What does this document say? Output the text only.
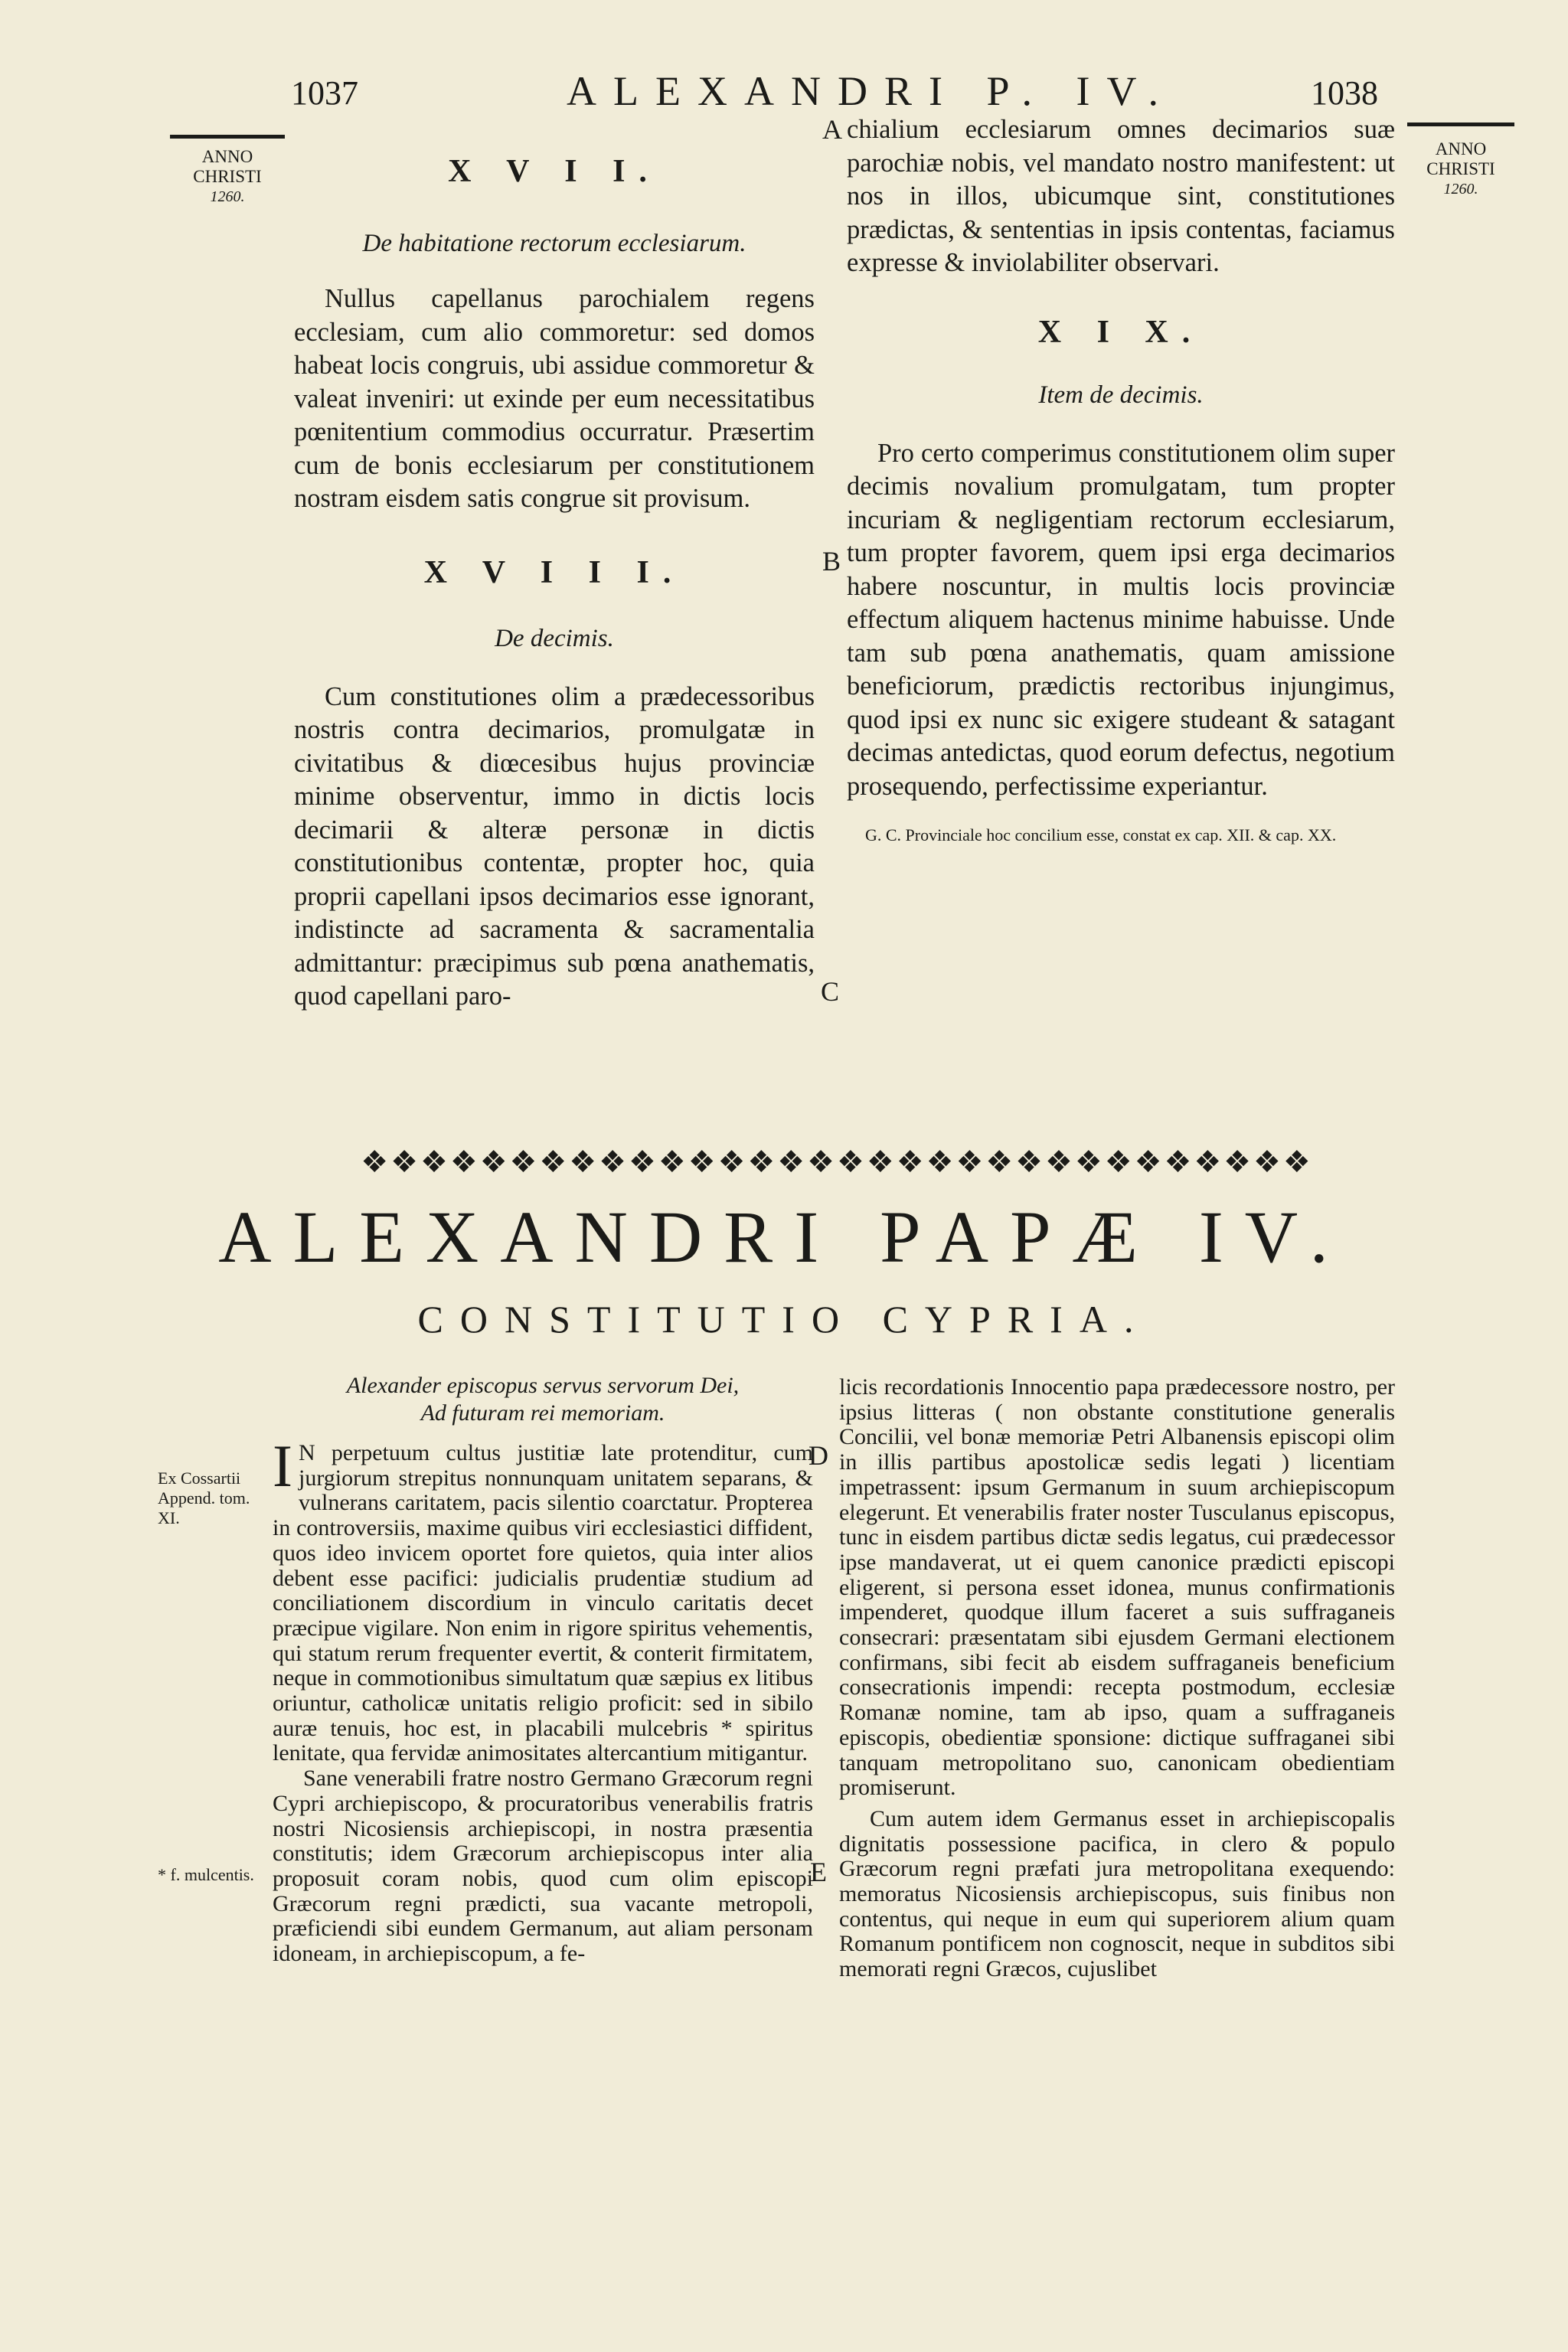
1037	ALEXANDRI P. IV.	1038
ANNO
CHRISTI
1260.
ANNO
CHRISTI
1260.
X V I I.
De habitatione rectorum ecclesiarum.

Nullus capellanus parochialem regens ecclesiam, cum alio commoretur: sed domos habeat locis congruis, ubi assidue commoretur & valeat inveniri: ut exinde per eum necessitatibus pœnitentium commodius occurratur. Præsertim cum de bonis ecclesiarum per constitutionem nostram eisdem satis congrue sit provisum.

X V I I I.
De decimis.

Cum constitutiones olim a prædecessoribus nostris contra decimarios, promulgatæ in civitatibus & diœcesibus hujus provinciæ minime observentur, immo in dictis locis decimarii & alteræ personæ in dictis constitutionibus contentæ, propter hoc, quia proprii capellani ipsos decimarios esse ignorant, indistincte ad sacramenta & sacramentalia admittantur: præcipimus sub pœna anathematis, quod capellani paro-

chialium ecclesiarum omnes decimarios suæ parochiæ nobis, vel mandato nostro manifestent: ut nos in illos, ubicumque sint, constitutiones prædictas, & sententias in ipsis contentas, faciamus expresse & inviolabiliter observari.

X I X.
Item de decimis.

Pro certo comperimus constitutionem olim super decimis novalium promulgatam, tum propter incuriam & negligentiam rectorum ecclesiarum, tum propter favorem, quem ipsi erga decimarios habere noscuntur, in multis locis provinciæ effectum aliquem hactenus minime habuisse. Unde tam sub pœna anathematis, quam amissione beneficiorum, prædictis rectoribus injungimus, quod ipsi ex nunc sic exigere studeant & satagant decimas antedictas, quod eorum defectus, negotium prosequendo, perfectissime experiantur.

G. C. Provinciale hoc concilium esse, constat ex cap. XII. & cap. XX.

A
B
C
D
E
❖❖❖❖❖❖❖❖❖❖❖❖❖❖❖❖❖❖❖❖❖❖❖❖❖❖❖❖❖❖❖❖
ALEXANDRI PAPÆ IV.
CONSTITUTIO CYPRIA.
Alexander episcopus servus servorum Dei,
Ad futuram rei memoriam.

I N perpetuum cultus justitiæ late protenditur, cum jurgiorum strepitus nonnunquam unitatem separans, & vulnerans caritatem, pacis silentio coarctatur. Propterea in controversiis, maxime quibus viri ecclesiastici diffident, quos ideo invicem oportet fore quietos, quia inter alios debent esse pacifici: judicialis prudentiæ studium ad conciliationem discordium in vinculo caritatis decet præcipue vigilare. Non enim in rigore spiritus vehementis, qui statum rerum frequenter evertit, & conterit firmitatem, neque in commotionibus simultatum quæ sæpius ex litibus oriuntur, catholicæ unitatis religio proficit: sed in sibilo auræ tenuis, hoc est, in placabili mulcebris * spiritus lenitate, qua fervidæ animositates altercantium mitigantur.

Sane venerabili fratre nostro Germano Græcorum regni Cypri archiepiscopo, & procuratoribus venerabilis fratris nostri Nicosiensis archiepiscopi, in nostra præsentia constitutis; idem Græcorum archiepiscopus inter alia proposuit coram nobis, quod cum olim episcopi Græcorum regni prædicti, sua vacante metropoli, præficiendi sibi eundem Germanum, aut aliam personam idoneam, in archiepiscopum, a fe-

Ex Cossartii Append. tom. XI.
* f. mulcentis.

licis recordationis Innocentio papa prædecessore nostro, per ipsius litteras ( non obstante constitutione generalis Concilii, vel bonæ memoriæ Petri Albanensis episcopi olim in illis partibus apostolicæ sedis legati ) licentiam impetrassent: ipsum Germanum in suum archiepiscopum elegerunt. Et venerabilis frater noster Tusculanus episcopus, tunc in eisdem partibus dictæ sedis legatus, cui prædecessor ipse mandaverat, ut ei quem canonice prædicti episcopi eligerent, si persona esset idonea, munus confirmationis impenderet, quodque illum faceret a suis suffraganeis consecrari: præsentatam sibi ejusdem Germani electionem confirmans, sibi fecit ab eisdem suffraganeis beneficium consecrationis impendi: recepta postmodum, ecclesiæ Romanæ nomine, tam ab ipso, quam a suffraganeis episcopis, obedientiæ sponsione: dictique suffraganei sibi tanquam metropolitano suo, canonicam obedientiam promiserunt.

Cum autem idem Germanus esset in archiepiscopalis dignitatis possessione pacifica, in clero & populo Græcorum regni præfati jura metropolitana exequendo: memoratus Nicosiensis archiepiscopus, suis finibus non contentus, qui neque in eum qui superiorem alium quam Romanum pontificem non cognoscit, neque in subditos sibi memorati regni Græcos, cujuslibet
